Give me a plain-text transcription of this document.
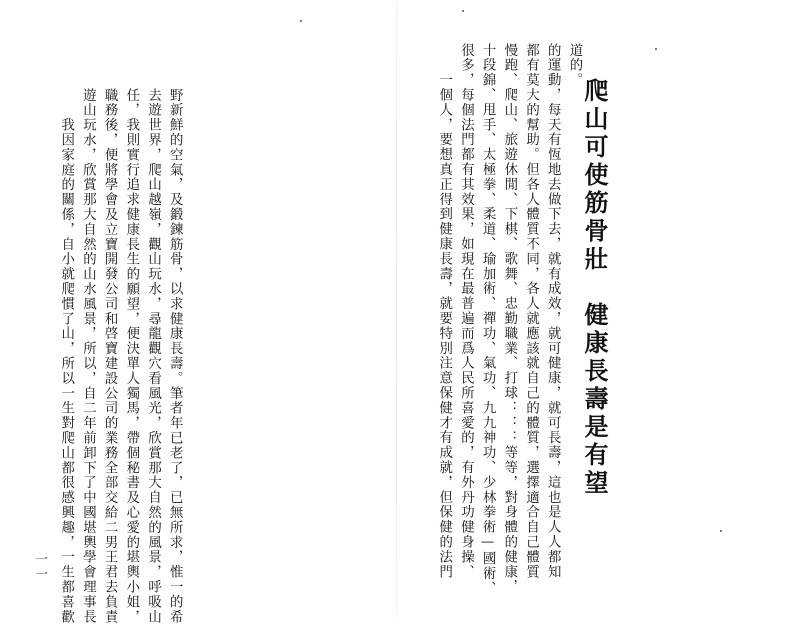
一一	野新鮮的空氣，及鍛鍊筋骨，以求健康長壽。筆者年已老了，已無所求，惟一的希
去遊世界，爬山越嶺，觀山玩水，尋龍觀穴看風光，欣賞那大自然的風景，呼吸山
任，我則實行追求健康長生的願望，便決單人獨馬，帶個秘書及心愛的堪輿小姐，
職務後，便將學會及立寶開發公司和啓寶建設公司的業務全部交給二男王君去負責
遊山玩水，欣賞那大自然的山水風景，所以，自二年前卸下了中國堪輿學會理事長
　　我因家庭的關係，自小就爬慣了山，所以一生對爬山都很感興趣，一生都喜歡
道的。
的運動，每天有恆地去做下去，就有成效，就可健康，就可長壽，這也是人人都知
都有莫大的幫助。但各人體質不同，各人就應該就自己的體質，選擇適合自己體質
慢跑、爬山、旅遊休閒、下棋、歌舞、忠勤職業、打球：：：等等，對身體的健康，
十段錦、甩手、太極拳、柔道、瑜加術、禪功、氣功、九九神功、少林拳術—國術、
很多，每個法門都有其效果，如現在最普遍而爲人民所喜愛的，有外丹功健身操、
　　一個人，要想真正得到健康長壽，就要特別注意保健才有成就，但保健的法門	爬山可使筋骨壯　健康長壽是有望
